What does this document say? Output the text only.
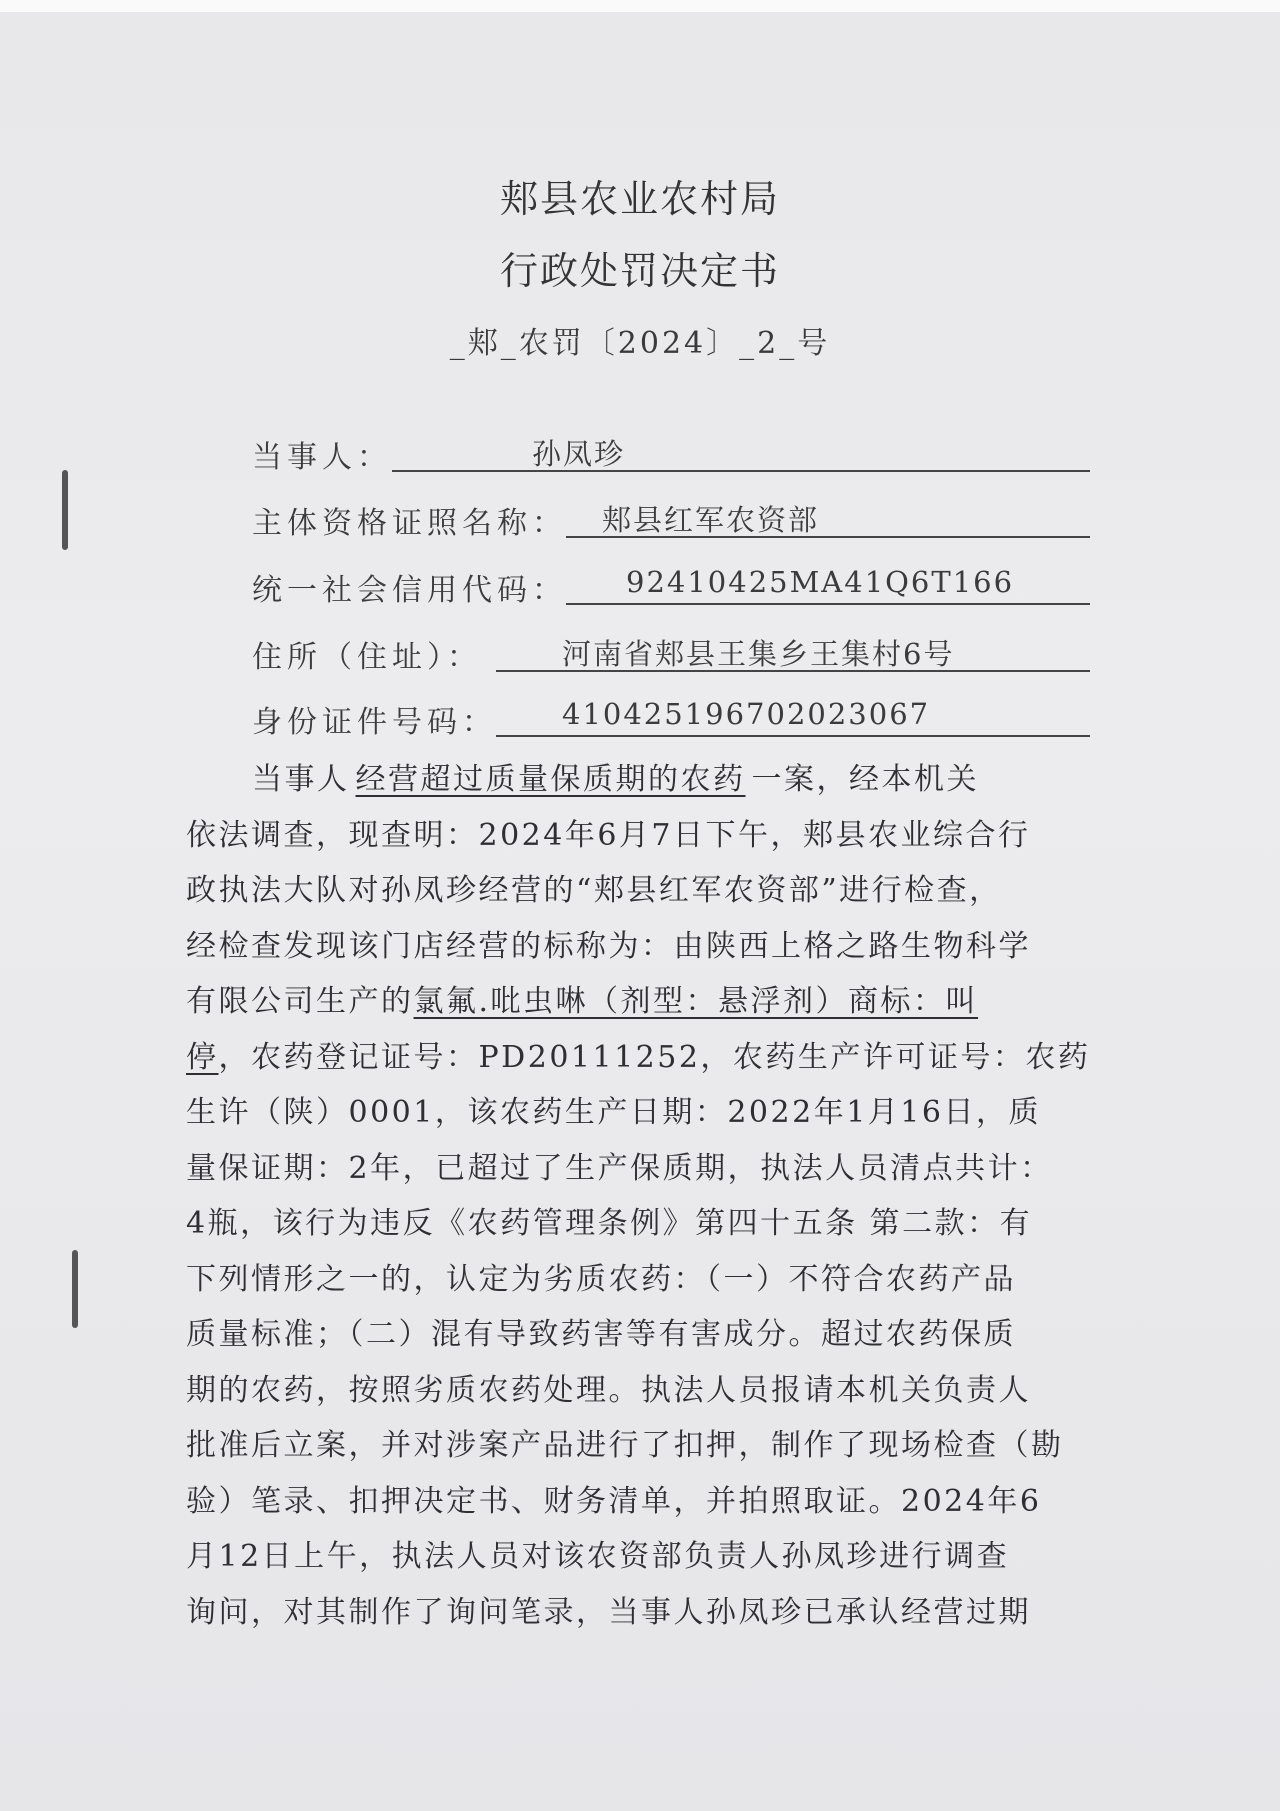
郏县农业农村局
行政处罚决定书
_郏_农罚〔2024〕_2_号
当事人：	孙凤珍
主体资格证照名称：	郏县红军农资部
统一社会信用代码：	92410425MA41Q6T166
住所（住址）：	河南省郏县王集乡王集村6号
身份证件号码：	410425196702023067
当事人 经营超过质量保质期的农药 一案，经本机关
依法调查，现查明：2024年6月7日下午，郏县农业综合行
政执法大队对孙凤珍经营的“郏县红军农资部”进行检查，
经检查发现该门店经营的标称为：由陕西上格之路生物科学
有限公司生产的氯氟.吡虫啉（剂型：悬浮剂）商标：叫
停，农药登记证号：PD20111252，农药生产许可证号：农药
生许（陕）0001，该农药生产日期：2022年1月16日，质
量保证期：2年，已超过了生产保质期，执法人员清点共计：
4瓶，该行为违反《农药管理条例》第四十五条 第二款：有
下列情形之一的，认定为劣质农药：（一）不符合农药产品
质量标准；（二）混有导致药害等有害成分。超过农药保质
期的农药，按照劣质农药处理。执法人员报请本机关负责人
批准后立案，并对涉案产品进行了扣押，制作了现场检查（勘
验）笔录、扣押决定书、财务清单，并拍照取证。2024年6
月12日上午，执法人员对该农资部负责人孙凤珍进行调查
询问，对其制作了询问笔录，当事人孙凤珍已承认经营过期
